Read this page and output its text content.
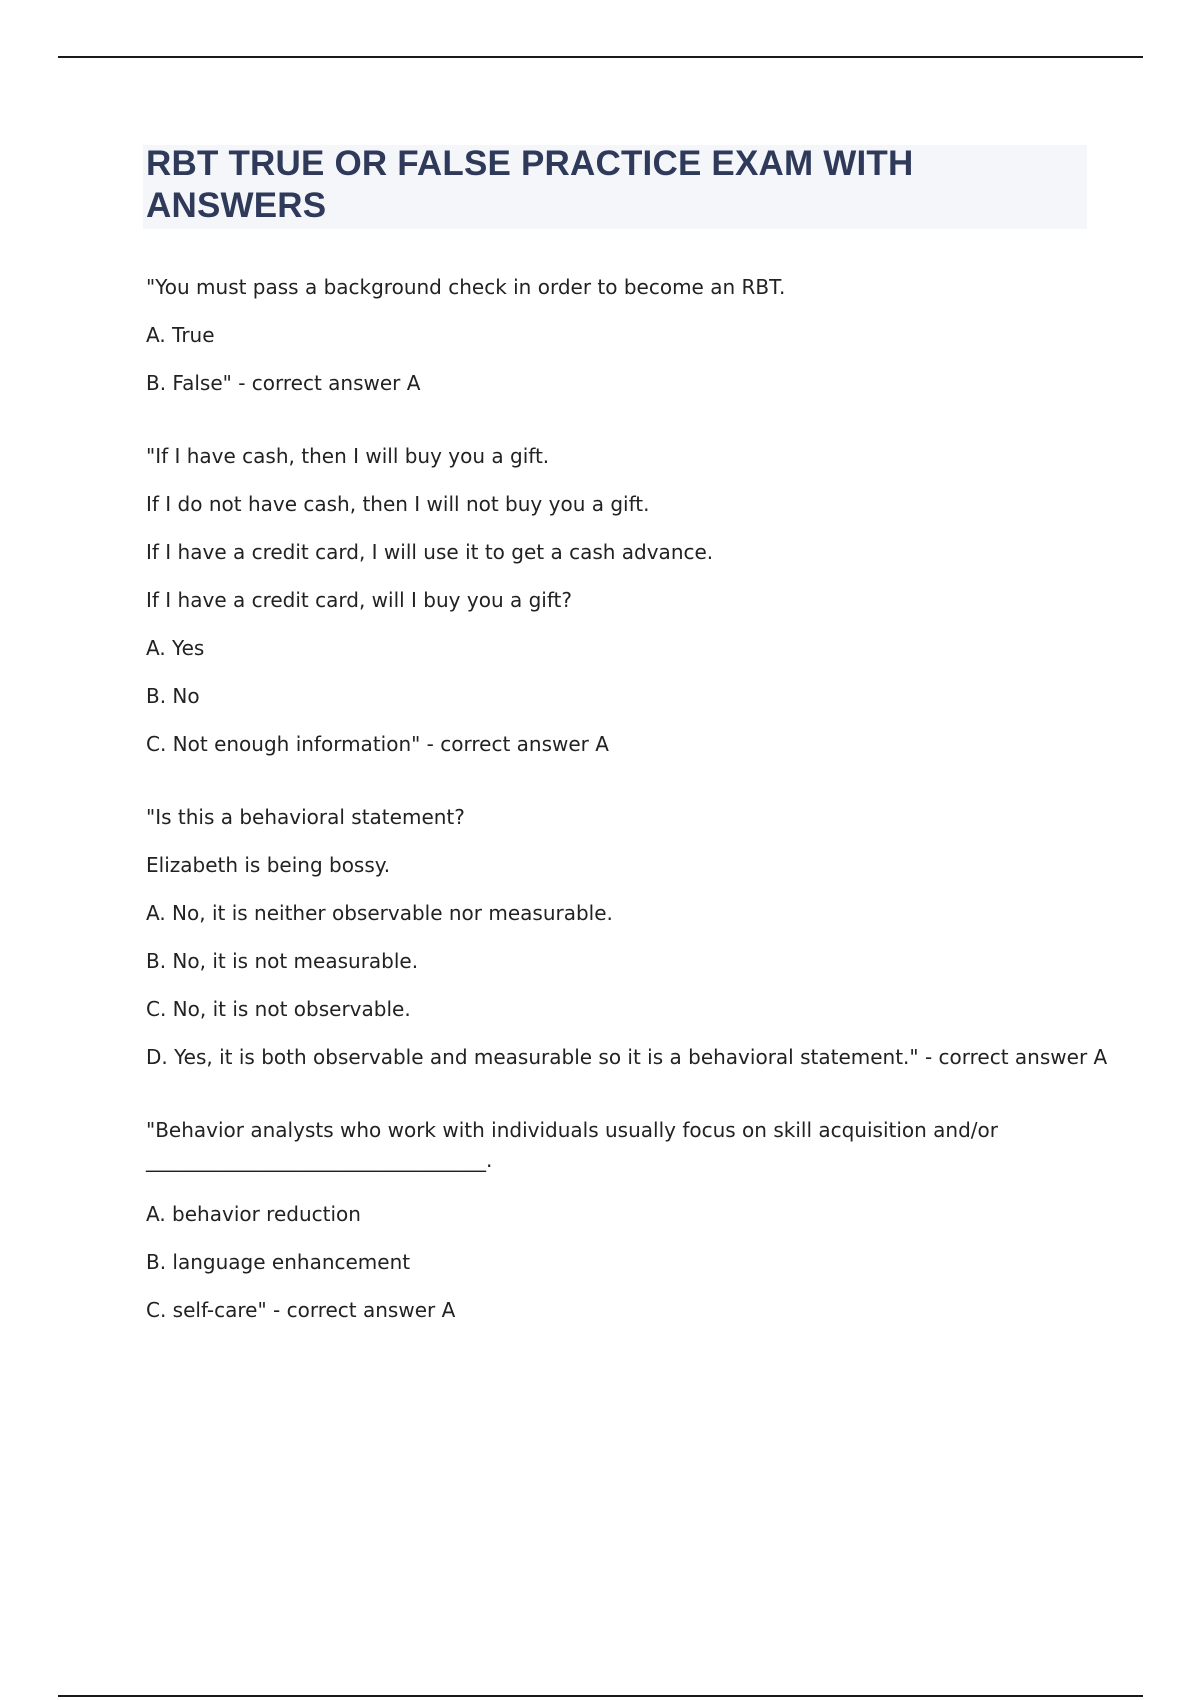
RBT TRUE OR FALSE PRACTICE EXAM WITH ANSWERS

"You must pass a background check in order to become an RBT.

A. True

B. False" - correct answer A

"If I have cash, then I will buy you a gift.

If I do not have cash, then I will not buy you a gift.

If I have a credit card, I will use it to get a cash advance.

If I have a credit card, will I buy you a gift?

A. Yes

B. No

C. Not enough information" - correct answer A

"Is this a behavioral statement?

Elizabeth is being bossy.

A. No, it is neither observable nor measurable.

B. No, it is not measurable.

C. No, it is not observable.

D. Yes, it is both observable and measurable so it is a behavioral statement." - correct answer A

"Behavior analysts who work with individuals usually focus on skill acquisition and/or

__________________________________.

A. behavior reduction

B. language enhancement

C. self-care" - correct answer A
